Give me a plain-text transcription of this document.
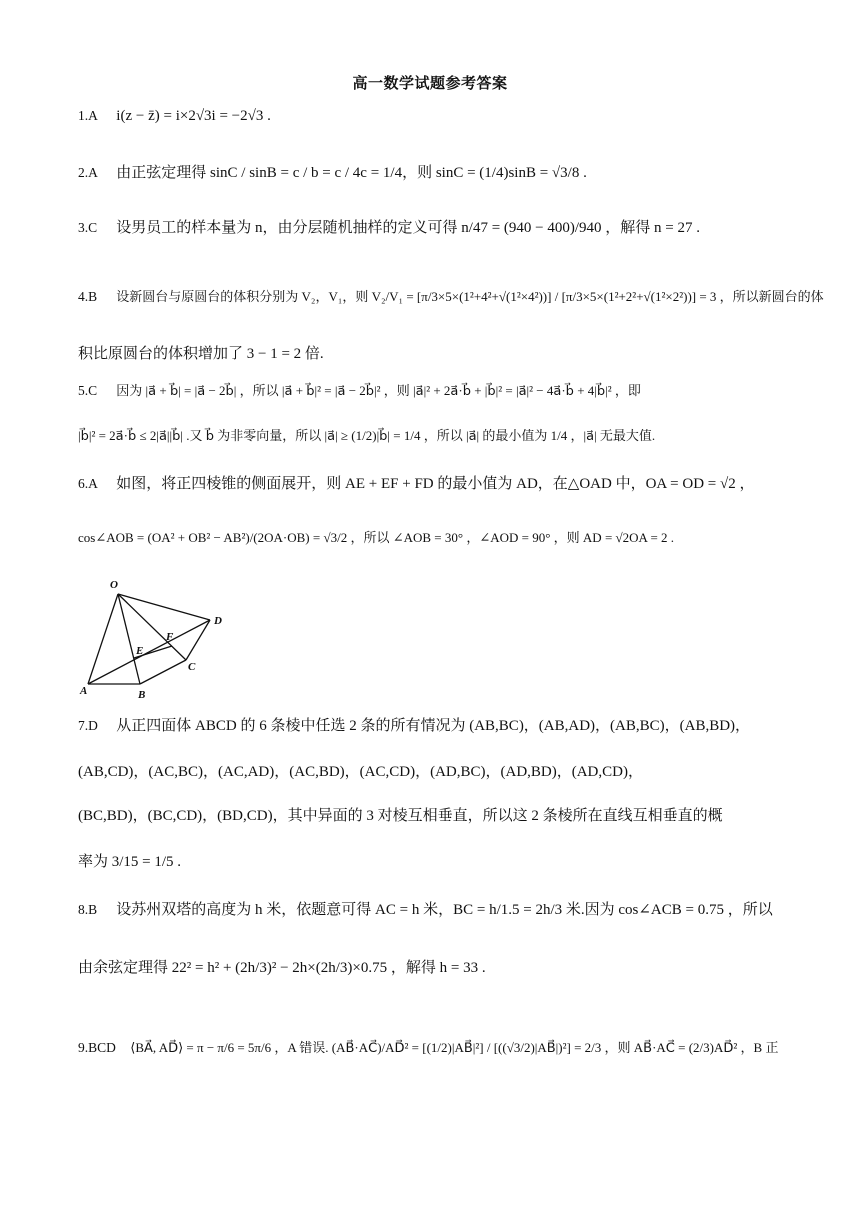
高一数学试题参考答案
1.A i(z − z̄) = i×2√3i = −2√3 .
2.A 由正弦定理得 sinC / sinB = c / b = c / 4c = 1/4，则 sinC = (1/4)sinB = √3/8 .
3.C 设男员工的样本量为 n，由分层随机抽样的定义可得 n/47 = (940 − 400)/940 ，解得 n = 27 .
4.B 设新圆台与原圆台的体积分别为 V₂，V₁，则 V₂/V₁ = [π/3×5×(1²+4²+√(1²×4²))] / [π/3×5×(1²+2²+√(1²×2²))] = 3 ，所以新圆台的体
积比原圆台的体积增加了 3 − 1 = 2 倍.
5.C 因为 |a⃗ + b⃗| = |a⃗ − 2b⃗| ，所以 |a⃗ + b⃗|² = |a⃗ − 2b⃗|² ，则 |a⃗|² + 2a⃗·b⃗ + |b⃗|² = |a⃗|² − 4a⃗·b⃗ + 4|b⃗|² ，即
|b⃗|² = 2a⃗·b⃗ ≤ 2|a⃗||b⃗| .又 b⃗ 为非零向量，所以 |a⃗| ≥ (1/2)|b⃗| = 1/4 ，所以 |a⃗| 的最小值为 1/4 ，|a⃗| 无最大值.
6.A 如图，将正四棱锥的侧面展开，则 AE + EF + FD 的最小值为 AD，在△OAD 中，OA = OD = √2 ，
cos∠AOB = (OA² + OB² − AB²)/(2OA·OB) = √3/2 ，所以 ∠AOB = 30° ，∠AOD = 90° ，则 AD = √2OA = 2 .
O
D
F
E
C
A	B
7.D 从正四面体 ABCD 的 6 条棱中任选 2 条的所有情况为 (AB,BC)，(AB,AD)，(AB,BC)，(AB,BD)，
(AB,CD)，(AC,BC)，(AC,AD)，(AC,BD)，(AC,CD)，(AD,BC)，(AD,BD)，(AD,CD)，
(BC,BD)，(BC,CD)，(BD,CD)，其中异面的 3 对棱互相垂直，所以这 2 条棱所在直线互相垂直的概
率为 3/15 = 1/5 .
8.B 设苏州双塔的高度为 h 米，依题意可得 AC = h 米，BC = h/1.5 = 2h/3 米.因为 cos∠ACB = 0.75 ，所以
由余弦定理得 22² = h² + (2h/3)² − 2h×(2h/3)×0.75 ，解得 h = 33 .
9.BCD ⟨BA⃗, AD⃗⟩ = π − π/6 = 5π/6 ，A 错误. (AB⃗·AC⃗)/AD⃗² = [(1/2)|AB⃗|²] / [((√3/2)|AB⃗|)²] = 2/3 ，则 AB⃗·AC⃗ = (2/3)AD⃗² ，B 正
